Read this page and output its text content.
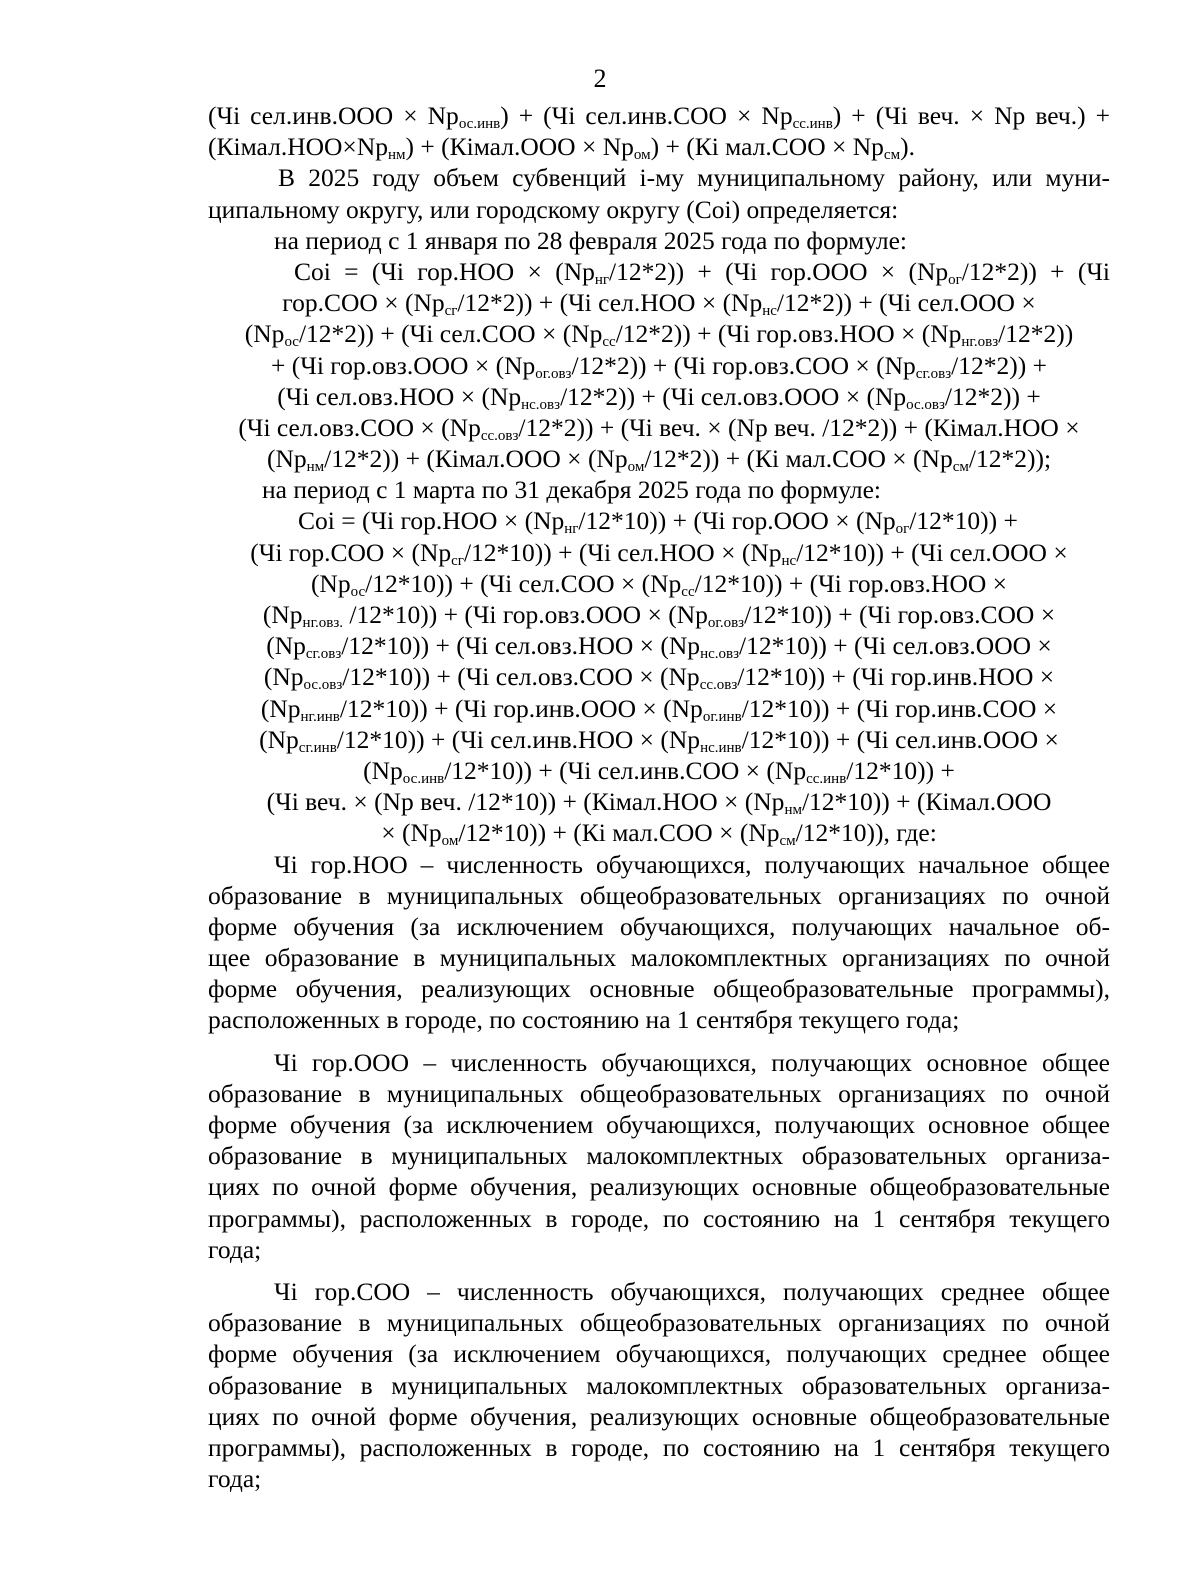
2
(Чі $сел.инв.ООО \times Np_{ос.инв}) + (Чі$ $сел.инв.СОО \times Np_{сс.инв}) + (Чі$ веч. × Np веч.) +
$(Кімал.НОО\times Np_{нм})$ + (Кімал.ООО × $Np_{ом}) + (Кі$ $мал.СОО \times Np_{см}$).
В 2025 году объем субвенций і-му муниципальному району, или муни-
ципальному округу, или городскому округу (Соі) определяется:
на период с 1 января по 28 февраля 2025 года по формуле:
Соі = (Чі $гор.НОО \times (Np_{нг}/12*2)) + (Чі$ $гор.ООО \times (Np_{ог}/12*2)) + (Чі$
$гор.СОО \times (Np_{сг}/12*2)) + (Чі$ $сел.НОО \times (Np_{нс}/12*2)) + (Чі$ сел.ООО ×
$(Np_{ос}/12*2)) + (Чі$ $сел.СОО \times (Np_{сс}/12*2)) + (Чі$ $гор.овз.НОО \times (Np_{нг.овз}/12*2)$)
+ (Чі $гор.овз.ООО \times (Np_{ог.овз}/12*2)) + (Чі$ $гор.овз.СОО \times (Np_{сг.овз}/12*2)$) +
(Чі $сел.овз.НОО \times (Np_{нс.овз}/12*2)) + (Чі$ $сел.овз.ООО \times (Np_{ос.овз}/12*2)$) +
(Чі $сел.овз.СОО \times (Np_{сс.овз}/12*2)) + (Чі$ веч. × (Np веч. /12*2)) + (Кімал.НОО ×
$(Np_{нм}/12*2)$) + (Кімал.ООО × $(Np_{ом}/12*2)) + (Кі$ $мал.СОО \times (Np_{см}/12*2)$);
на период с 1 марта по 31 декабря 2025 года по формуле:
Соі = (Чі $гор.НОО \times (Np_{нг}/12*10)) + (Чі$ $гор.ООО \times (Np_{ог}/12*10)$) +
(Чі $гор.СОО \times (Np_{сг}/12*10)) + (Чі$ $сел.НОО \times (Np_{нс}/12*10)) + (Чі$ сел.ООО ×
$(Np_{ос}/12*10)) + (Чі$ $сел.СОО \times (Np_{сс}/12*10)) + (Чі$ гор.овз.НОО ×
($Np_{нг.овз.}$ /12*10)) + (Чі $гор.овз.ООО \times (Np_{ог.овз}/12*10)) + (Чі$ гор.овз.СОО ×
$(Np_{сг.овз}/12*10)) + (Чі$ $сел.овз.НОО \times (Np_{нс.овз}/12*10)) + (Чі$ сел.овз.ООО ×
$(Np_{ос.овз}/12*10)) + (Чі$ $сел.овз.СОО \times (Np_{сс.овз}/12*10)) + (Чі$ гор.инв.НОО ×
$(Np_{нг.инв}/12*10)) + (Чі$ $гор.инв.ООО \times (Np_{ог.инв}/12*10)) + (Чі$ гор.инв.СОО ×
$(Np_{сг.инв}/12*10)) + (Чі$ $сел.инв.НОО \times (Np_{нс.инв}/12*10)) + (Чі$ сел.инв.ООО ×
$(Np_{ос.инв}/12*10)) + (Чі$ $сел.инв.СОО \times (Np_{сс.инв}/12*10)$) +
(Чі веч. × (Np веч. /12*10)) + (Кімал.НОО × $(Np_{нм}/12*10)$) + (Кімал.ООО
× $(Np_{ом}/12*10)) + (Кі$ $мал.СОО \times (Np_{см}/12*10)$), где:
Чі гор.НОО – численность обучающихся, получающих начальное общее
образование в муниципальных общеобразовательных организациях по очной
форме обучения (за исключением обучающихся, получающих начальное об-
щее образование в муниципальных малокомплектных организациях по очной
форме обучения, реализующих основные общеобразовательные программы),
расположенных в городе, по состоянию на 1 сентября текущего года;
Чі гор.ООО – численность обучающихся, получающих основное общее
образование в муниципальных общеобразовательных организациях по очной
форме обучения (за исключением обучающихся, получающих основное общее
образование в муниципальных малокомплектных образовательных организа-
циях по очной форме обучения, реализующих основные общеобразовательные
программы), расположенных в городе, по состоянию на 1 сентября текущего
года;
Чі гор.СОО – численность обучающихся, получающих среднее общее
образование в муниципальных общеобразовательных организациях по очной
форме обучения (за исключением обучающихся, получающих среднее общее
образование в муниципальных малокомплектных образовательных организа-
циях по очной форме обучения, реализующих основные общеобразовательные
программы), расположенных в городе, по состоянию на 1 сентября текущего
года;
